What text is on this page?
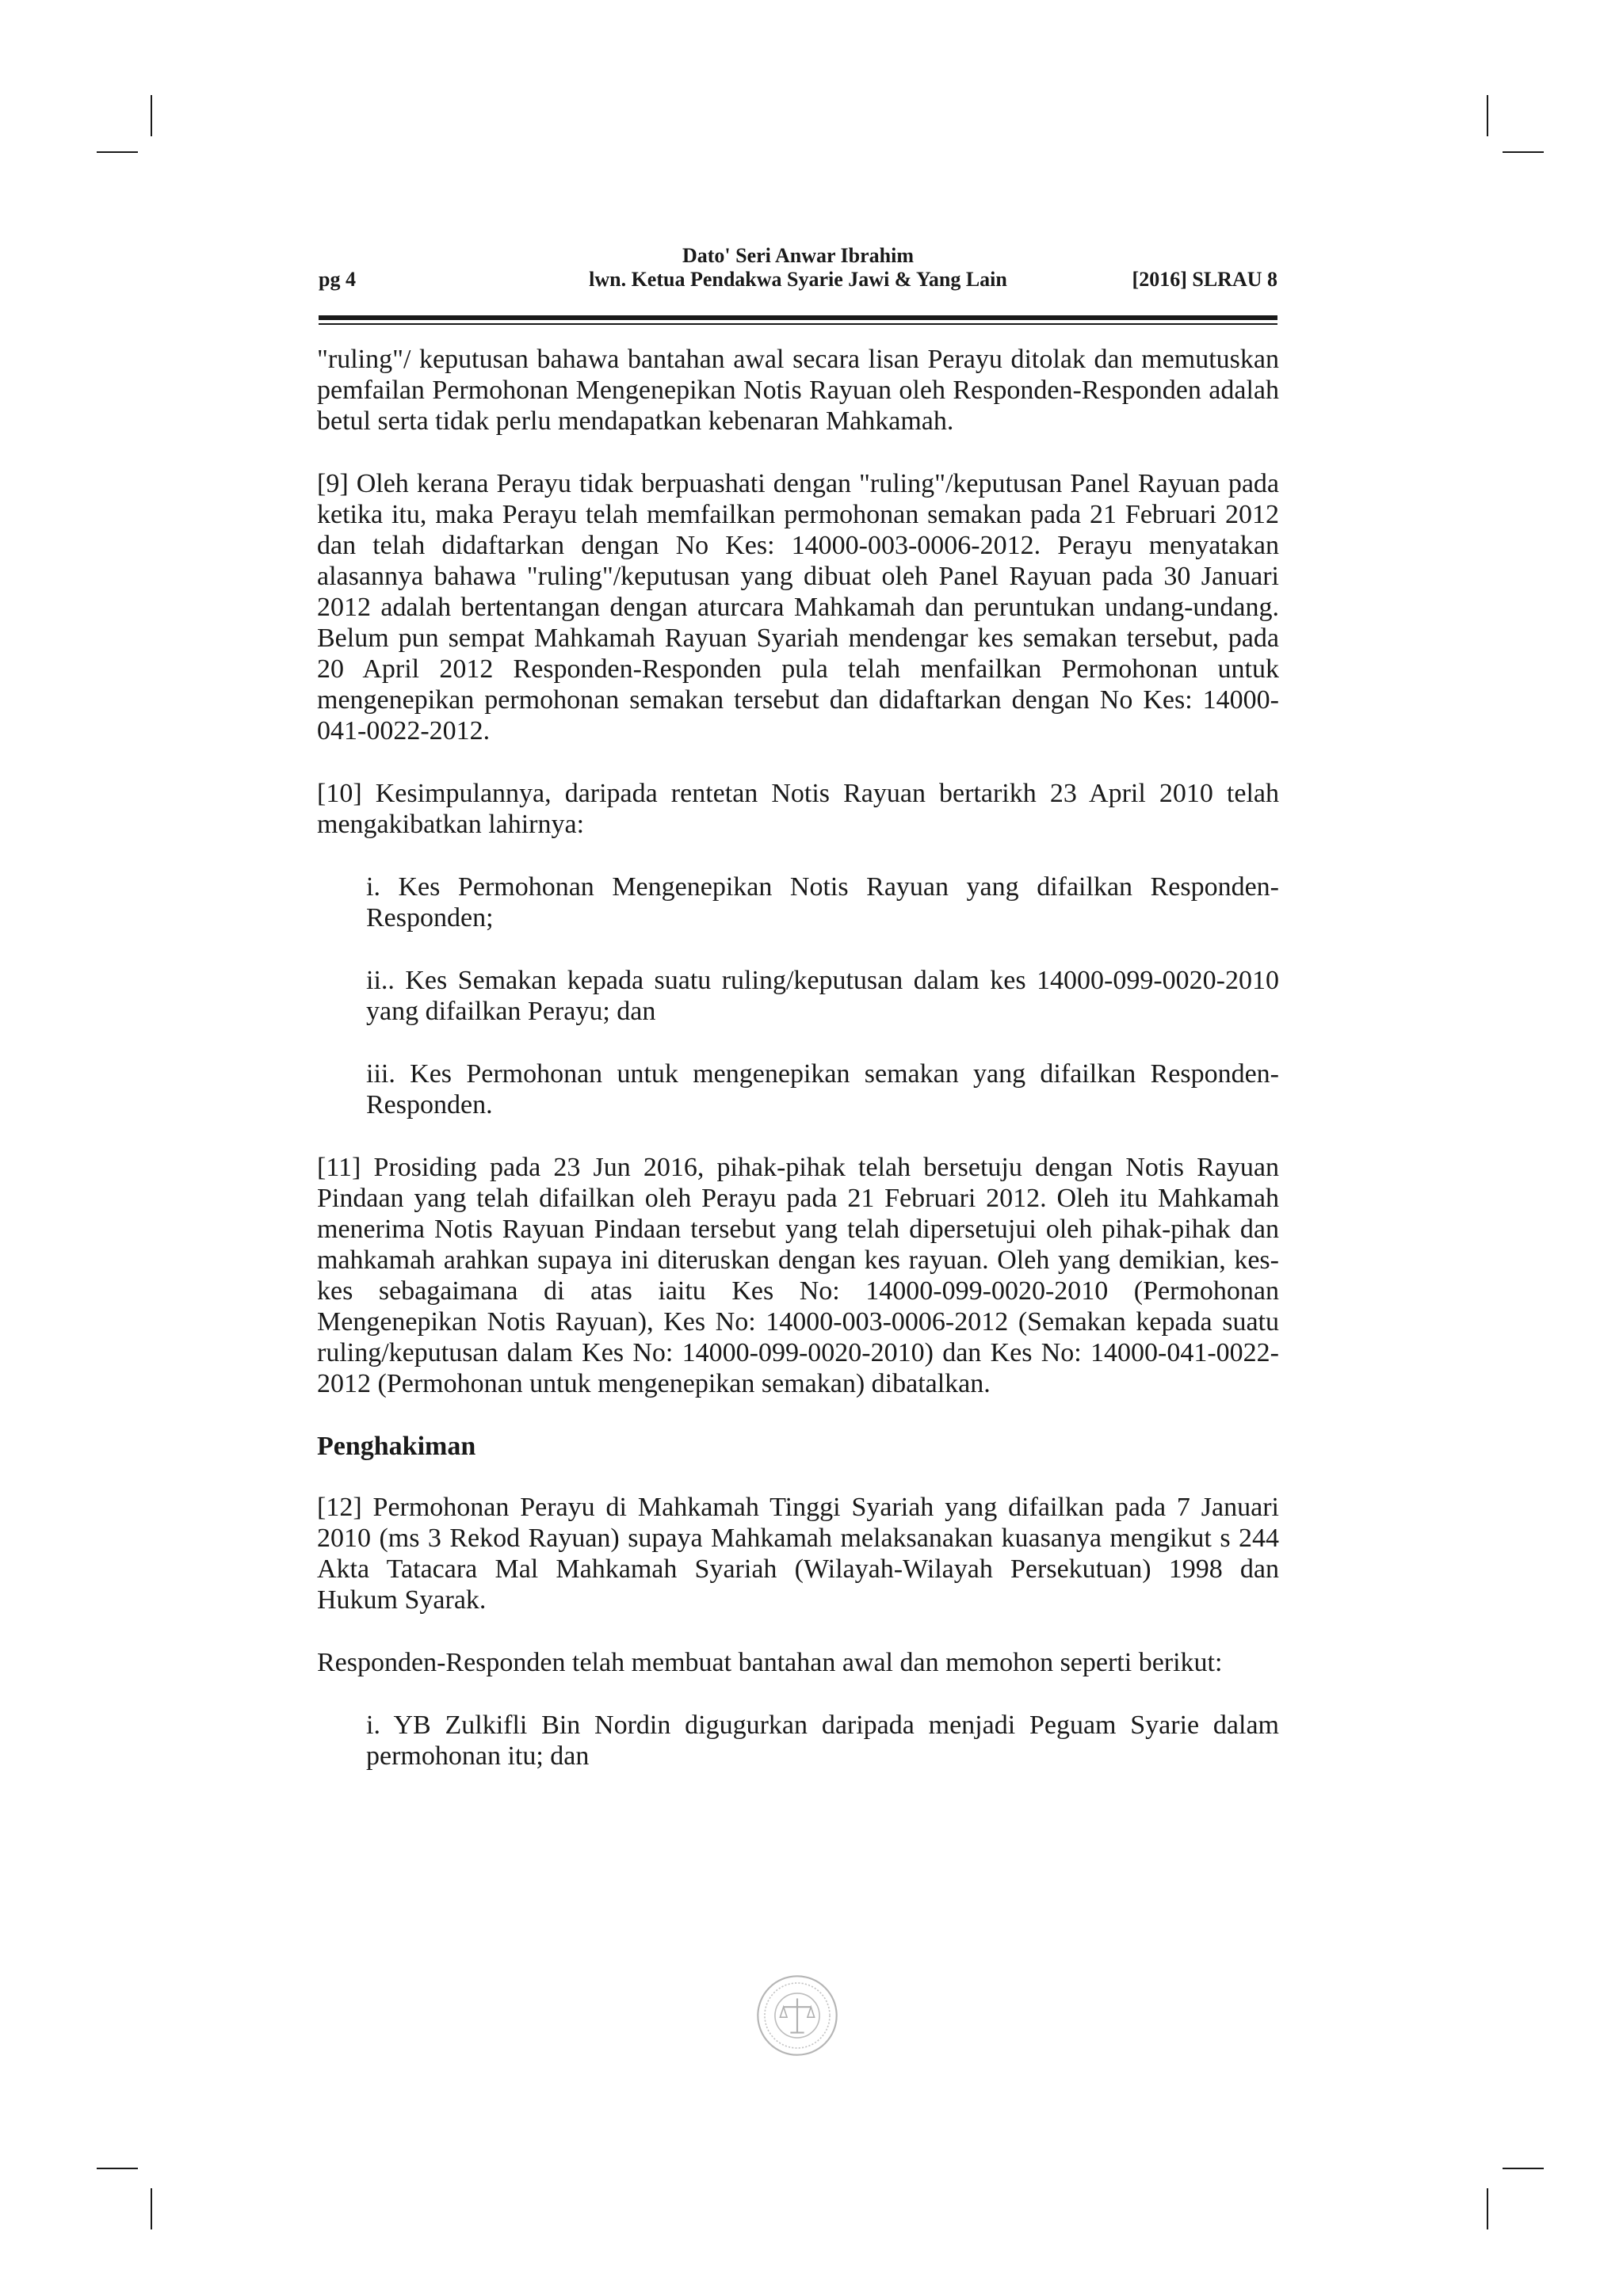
pg 4
Dato' Seri Anwar Ibrahim
lwn. Ketua Pendakwa Syarie Jawi & Yang Lain	[2016] SLRAU 8

"ruling"/ keputusan bahawa bantahan awal secara lisan Perayu ditolak dan memutuskan pemfailan Permohonan Mengenepikan Notis Rayuan oleh Responden-Responden adalah betul serta tidak perlu mendapatkan kebenaran Mahkamah.

[9] Oleh kerana Perayu tidak berpuashati dengan "ruling"/keputusan Panel Rayuan pada ketika itu, maka Perayu telah memfailkan permohonan semakan pada 21 Februari 2012 dan telah didaftarkan dengan No Kes: 14000-003-0006-2012. Perayu menyatakan alasannya bahawa "ruling"/keputusan yang dibuat oleh Panel Rayuan pada 30 Januari 2012 adalah bertentangan dengan aturcara Mahkamah dan peruntukan undang-undang. Belum pun sempat Mahkamah Rayuan Syariah mendengar kes semakan tersebut, pada 20 April 2012 Responden-Responden pula telah menfailkan Permohonan untuk mengenepikan permohonan semakan tersebut dan didaftarkan dengan No Kes: 14000-041-0022-2012.

[10] Kesimpulannya, daripada rentetan Notis Rayuan bertarikh 23 April 2010 telah mengakibatkan lahirnya:

i. Kes Permohonan Mengenepikan Notis Rayuan yang difailkan Responden-Responden;

ii.. Kes Semakan kepada suatu ruling/keputusan dalam kes 14000-099-0020-2010 yang difailkan Perayu; dan

iii. Kes Permohonan untuk mengenepikan semakan yang difailkan Responden-Responden.

[11] Prosiding pada 23 Jun 2016, pihak-pihak telah bersetuju dengan Notis Rayuan Pindaan yang telah difailkan oleh Perayu pada 21 Februari 2012. Oleh itu Mahkamah menerima Notis Rayuan Pindaan tersebut yang telah dipersetujui oleh pihak-pihak dan mahkamah arahkan supaya ini diteruskan dengan kes rayuan. Oleh yang demikian, kes-kes sebagaimana di atas iaitu Kes No: 14000-099-0020-2010 (Permohonan Mengenepikan Notis Rayuan), Kes No: 14000-003-0006-2012 (Semakan kepada suatu ruling/keputusan dalam Kes No: 14000-099-0020-2010) dan Kes No: 14000-041-0022-2012 (Permohonan untuk mengenepikan semakan) dibatalkan.

Penghakiman

[12] Permohonan Perayu di Mahkamah Tinggi Syariah yang difailkan pada 7 Januari 2010 (ms 3 Rekod Rayuan) supaya Mahkamah melaksanakan kuasanya mengikut s 244 Akta Tatacara Mal Mahkamah Syariah (Wilayah-Wilayah Persekutuan) 1998 dan Hukum Syarak.

Responden-Responden telah membuat bantahan awal dan memohon seperti berikut:

i. YB Zulkifli Bin Nordin digugurkan daripada menjadi Peguam Syarie dalam permohonan itu; dan
